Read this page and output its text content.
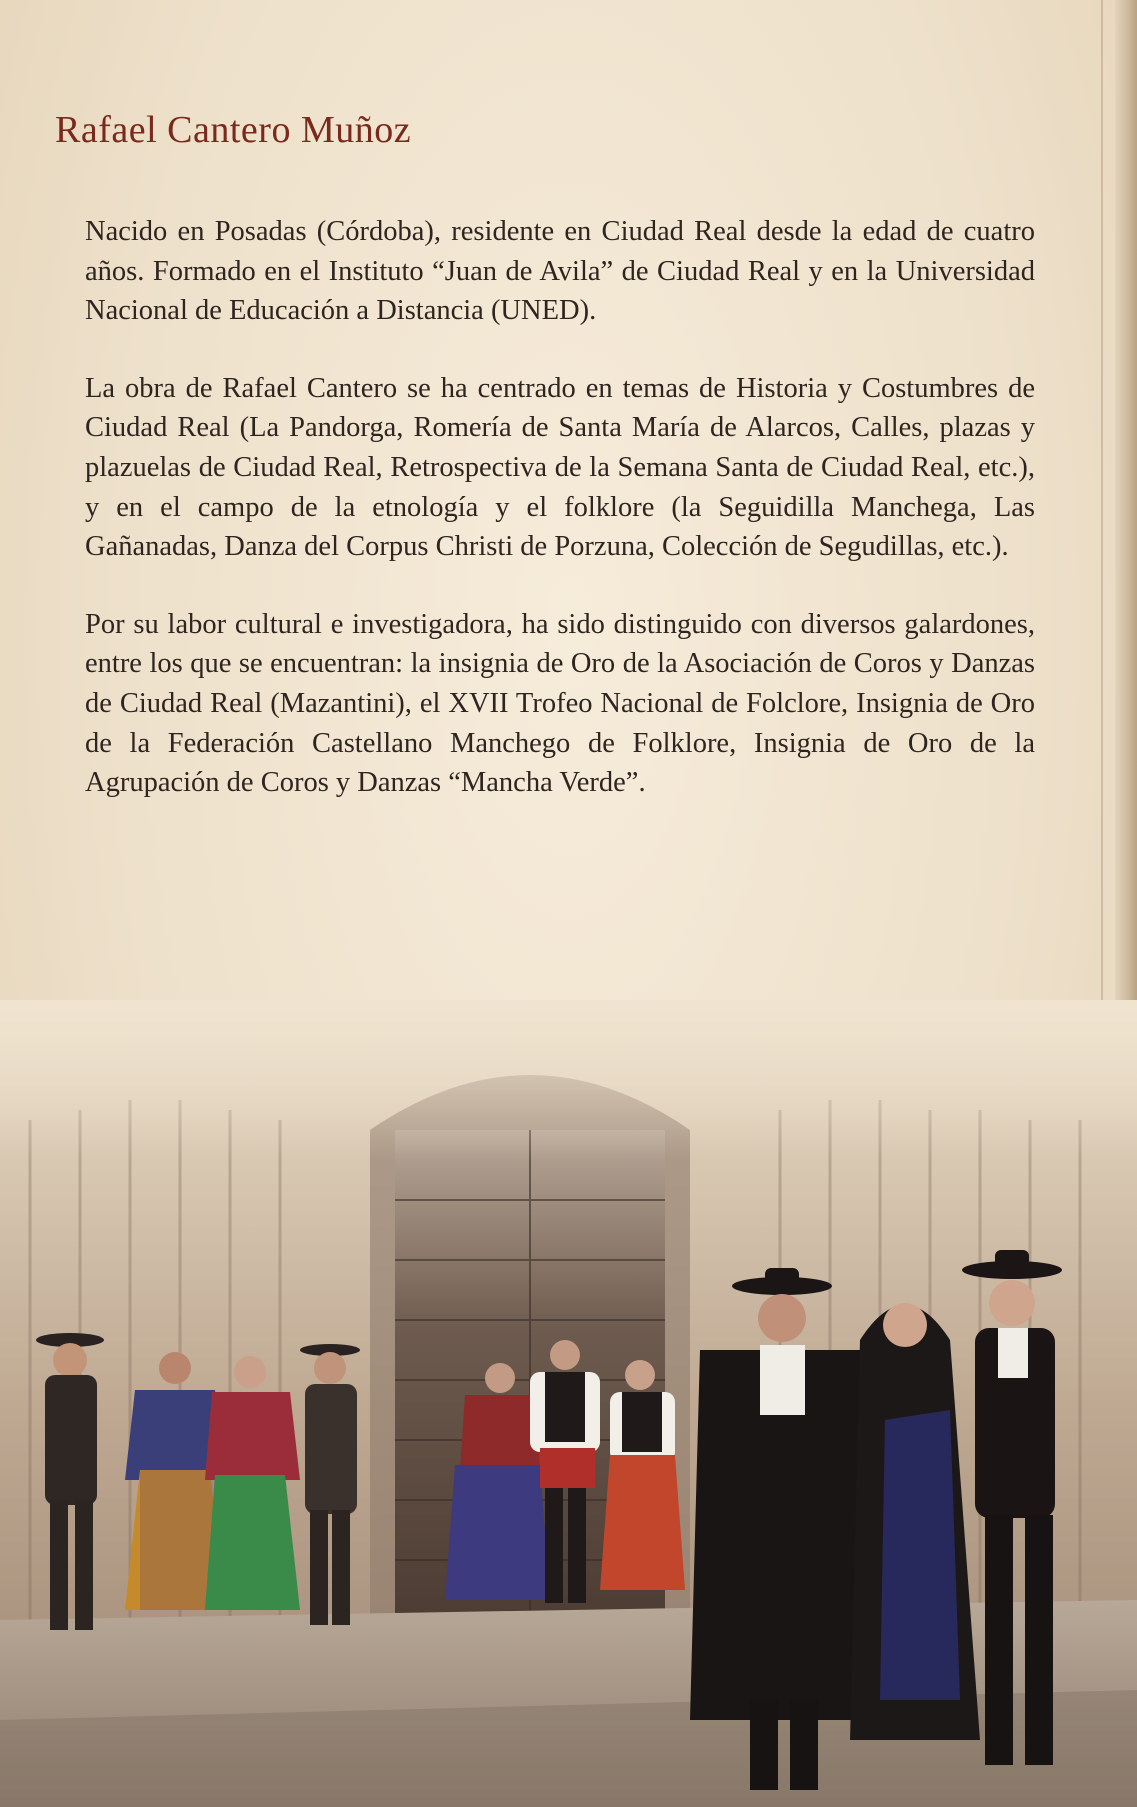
Rafael Cantero Muñoz

Nacido en Posadas (Córdoba), residente en Ciudad Real desde la edad de cuatro años. Formado en el Instituto “Juan de Avila” de Ciudad Real y en la Universidad Nacional de Educación a Distancia (UNED).

La obra de Rafael Cantero se ha centrado en temas de Historia y Costumbres de Ciudad Real (La Pandorga, Romería de Santa María de Alarcos, Calles, plazas y plazuelas de Ciudad Real, Retrospectiva de la Semana Santa de Ciudad Real, etc.), y en el campo de la etnología y el folklore (la Seguidilla Manchega, Las Gañanadas, Danza del Corpus Christi de Porzuna, Colección de Segudillas, etc.).

Por su labor cultural e investigadora, ha sido distinguido con diversos galardones, entre los que se encuentran: la insignia de Oro de la Asociación de Coros y Danzas de Ciudad Real (Mazantini), el XVII Trofeo Nacional de Folclore, Insignia de Oro de la Federación Castellano Manchego de Folklore, Insignia de Oro de la Agrupación de Coros y Danzas “Mancha Verde”.
